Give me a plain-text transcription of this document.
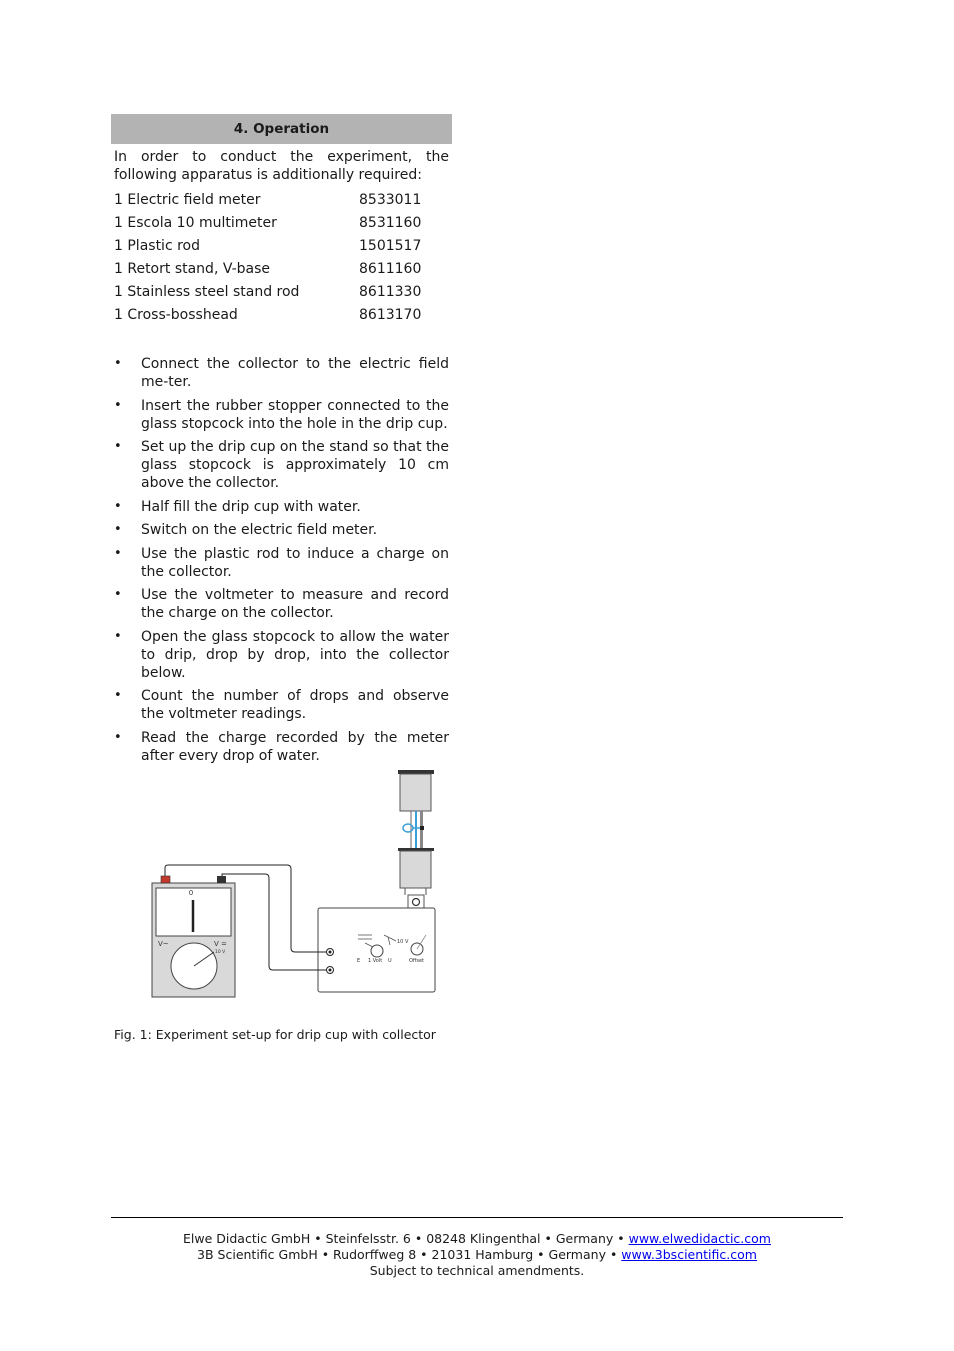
4. Operation
In order to conduct the experiment, the following apparatus is additionally required:
1 Electric field meter	8533011
1 Escola 10 multimeter	8531160
1 Plastic rod	1501517
1 Retort stand, V-base	8611160
1 Stainless steel stand rod	8611330
1 Cross-bosshead	8613170
• Connect the collector to the electric field me-ter.
• Insert the rubber stopper connected to the glass stopcock into the hole in the drip cup.
• Set up the drip cup on the stand so that the glass stopcock is approximately 10 cm above the collector.
• Half fill the drip cup with water.
• Switch on the electric field meter.
• Use the plastic rod to induce a charge on the collector.
• Use the voltmeter to measure and record the charge on the collector.
• Open the glass stopcock to allow the water to drip, drop by drop, into the collector below.
• Count the number of drops and observe the voltmeter readings.
• Read the charge recorded by the meter after every drop of water.
E 1 Volt U
10 V
Offset
0
V~	V =
10 V
Fig. 1: Experiment set-up for drip cup with collector
Elwe Didactic GmbH • Steinfelsstr. 6 • 08248 Klingenthal • Germany • www.elwedidactic.com
3B Scientific GmbH • Rudorffweg 8 • 21031 Hamburg • Germany • www.3bscientific.com
Subject to technical amendments.
